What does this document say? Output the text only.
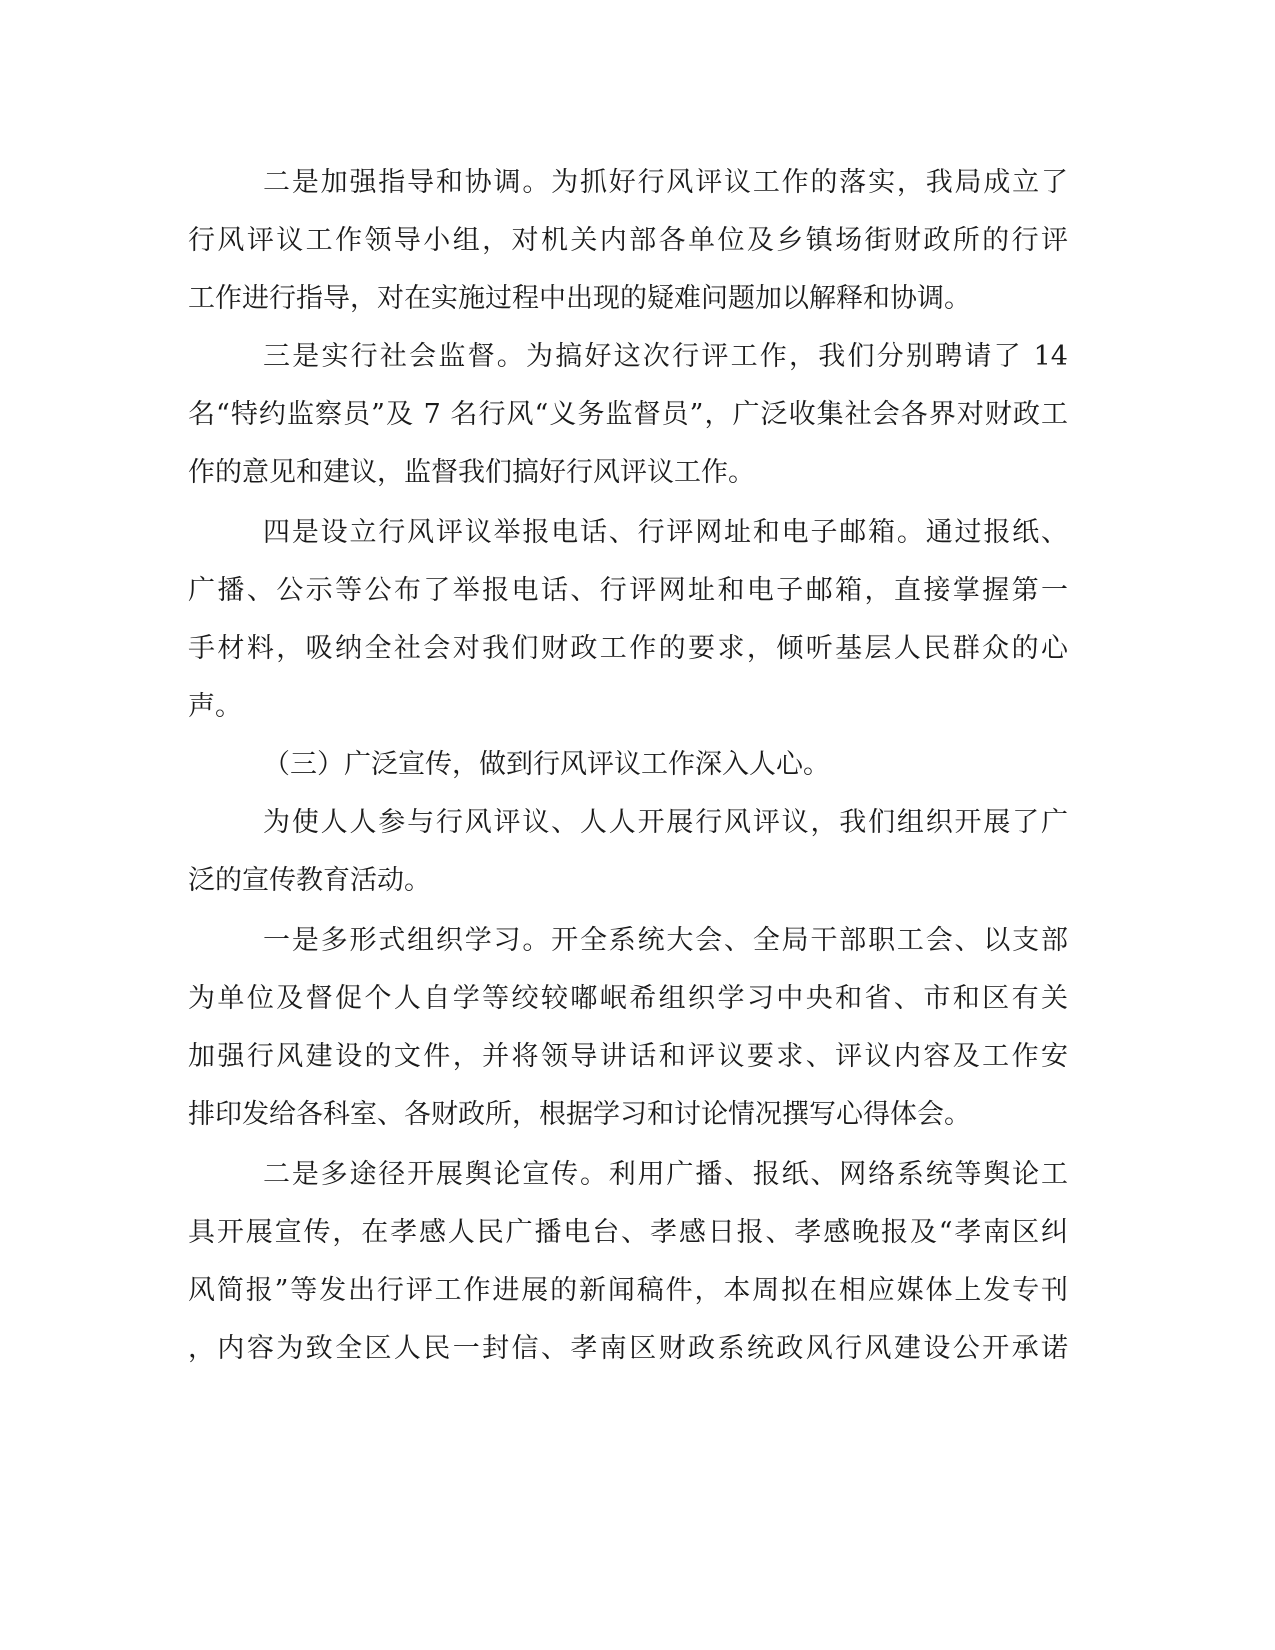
二是加强指导和协调。为抓好行风评议工作的落实，我局成立了

行风评议工作领导小组，对机关内部各单位及乡镇场街财政所的行评

工作进行指导，对在实施过程中出现的疑难问题加以解释和协调。

三是实行社会监督。为搞好这次行评工作，我们分别聘请了 14

名“特约监察员”及 7 名行风“义务监督员”，广泛收集社会各界对财政工

作的意见和建议，监督我们搞好行风评议工作。

四是设立行风评议举报电话、行评网址和电子邮箱。通过报纸、

广播、公示等公布了举报电话、行评网址和电子邮箱，直接掌握第一

手材料，吸纳全社会对我们财政工作的要求，倾听基层人民群众的心

声。

（三）广泛宣传，做到行风评议工作深入人心。

为使人人参与行风评议、人人开展行风评议，我们组织开展了广

泛的宣传教育活动。

一是多形式组织学习。开全系统大会、全局干部职工会、以支部

为单位及督促个人自学等绞较嘟岷希组织学习中央和省、市和区有关

加强行风建设的文件，并将领导讲话和评议要求、评议内容及工作安

排印发给各科室、各财政所，根据学习和讨论情况撰写心得体会。

二是多途径开展舆论宣传。利用广播、报纸、网络系统等舆论工

具开展宣传，在孝感人民广播电台、孝感日报、孝感晚报及“孝南区纠

风简报”等发出行评工作进展的新闻稿件，本周拟在相应媒体上发专刊

，内容为致全区人民一封信、孝南区财政系统政风行风建设公开承诺
